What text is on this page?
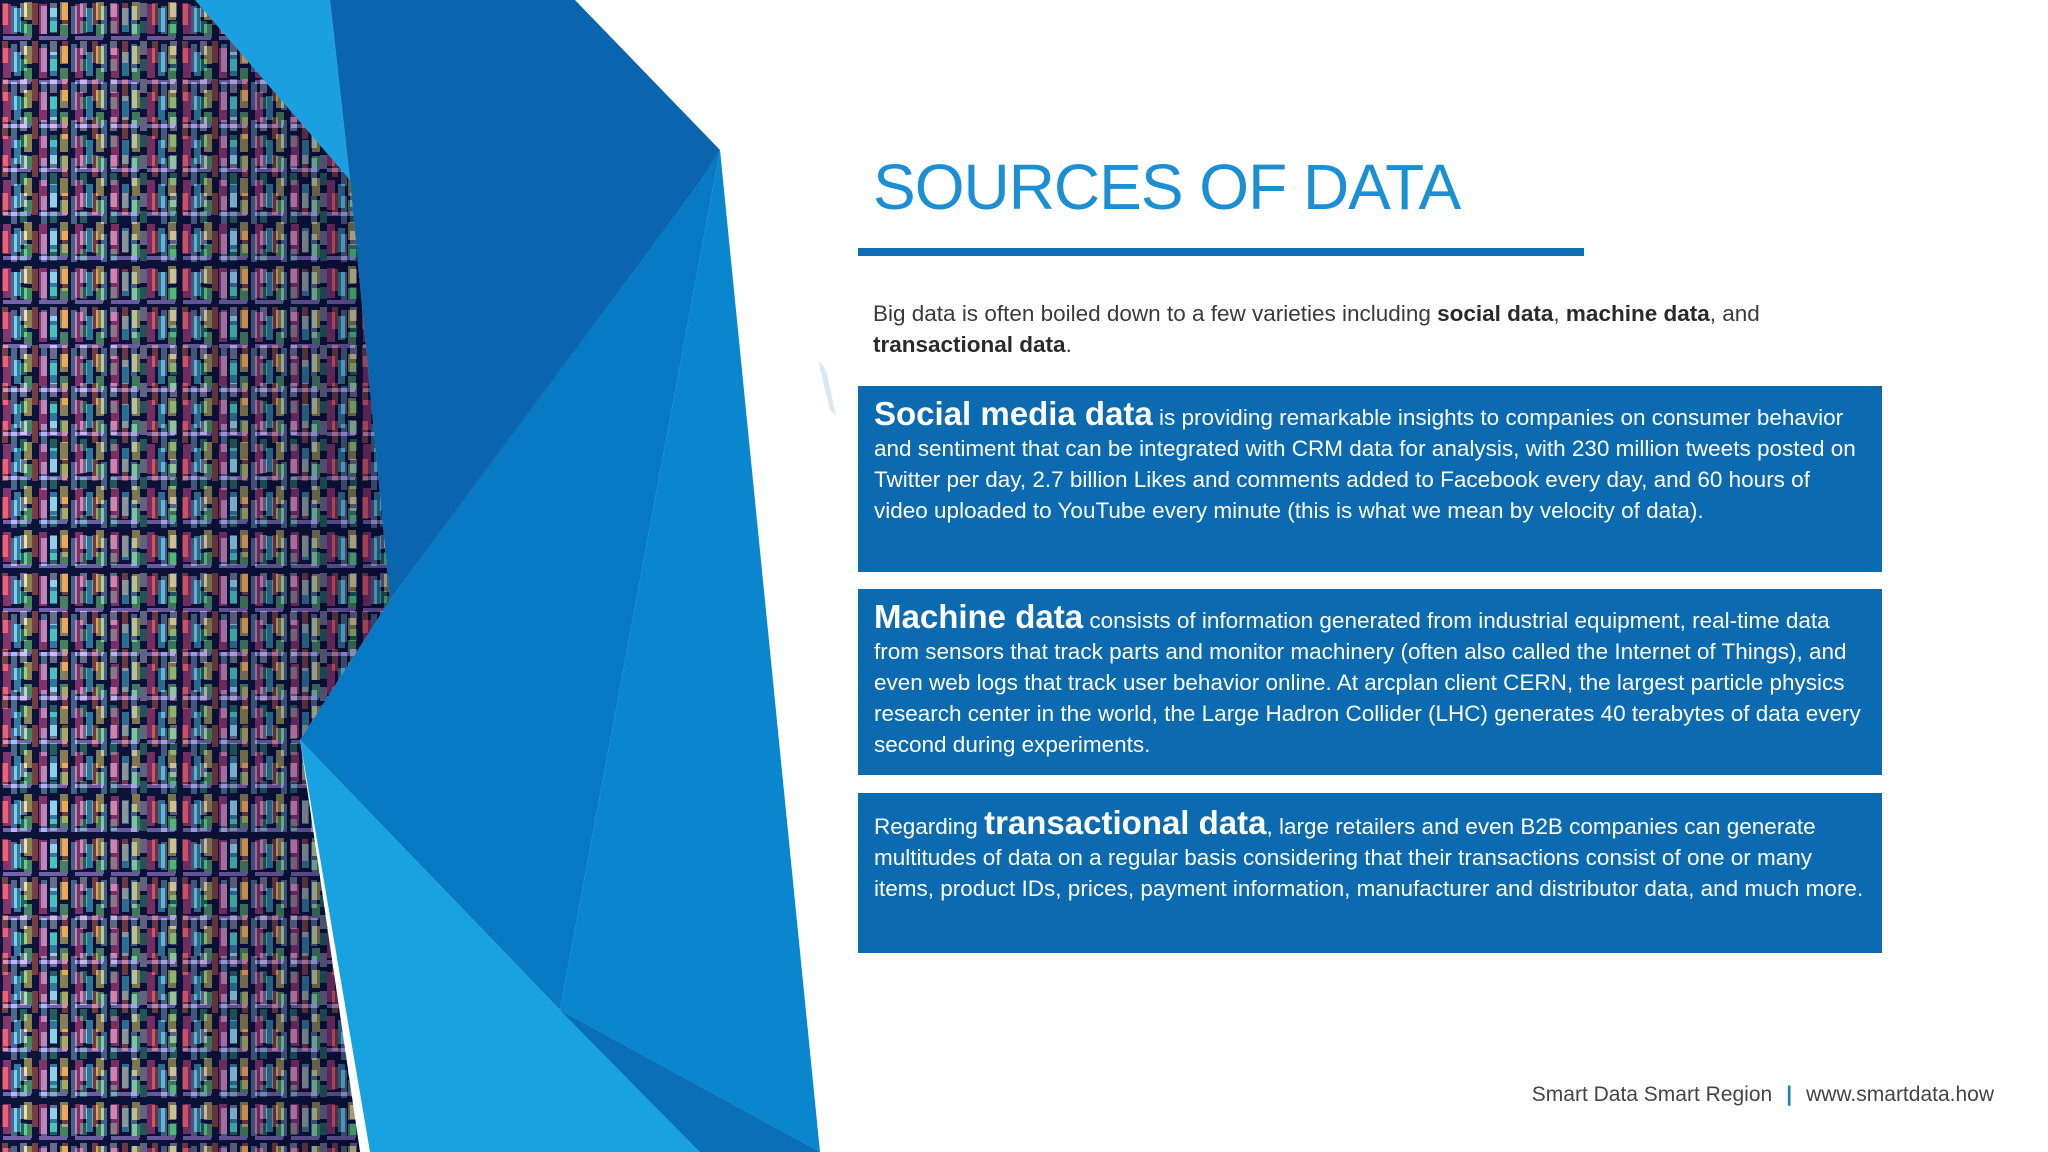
SOURCES OF DATA

Big data is often boiled down to a few varieties including social data, machine data, and transactional data.

Social media data is providing remarkable insights to companies on consumer behavior and sentiment that can be integrated with CRM data for analysis, with 230 million tweets posted on Twitter per day, 2.7 billion Likes and comments added to Facebook every day, and 60 hours of video uploaded to YouTube every minute (this is what we mean by velocity of data).

Machine data consists of information generated from industrial equipment, real-time data from sensors that track parts and monitor machinery (often also called the Internet of Things), and even web logs that track user behavior online. At arcplan client CERN, the largest particle physics research center in the world, the Large Hadron Collider (LHC) generates 40 terabytes of data every second during experiments.

Regarding transactional data, large retailers and even B2B companies can generate multitudes of data on a regular basis considering that their transactions consist of one or many items, product IDs, prices, payment information, manufacturer and distributor data, and much more.

Smart Data Smart Region | www.smartdata.how
